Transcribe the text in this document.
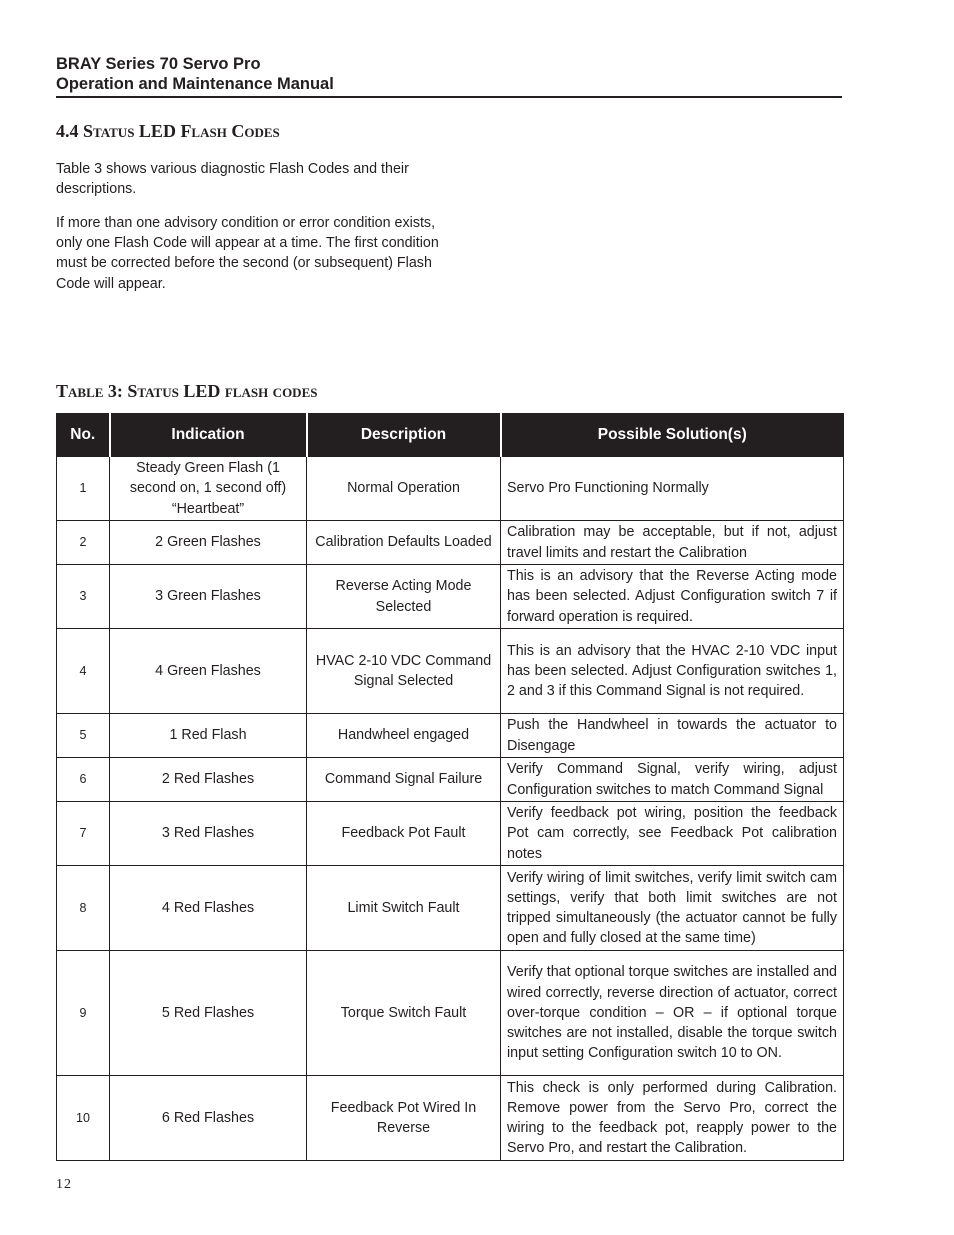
BRAY Series 70 Servo Pro
Operation and Maintenance Manual
4.4 Status LED Flash Codes

Table 3 shows various diagnostic Flash Codes and their descriptions.

If more than one advisory condition or error condition exists, only one Flash Code will appear at a time. The first condition must be corrected before the second (or subsequent) Flash Code will appear.

Table 3: Status LED flash codes
No.	Indication	Description	Possible Solution(s)
1	Steady Green Flash (1 second on, 1 second off) “Heartbeat”	Normal Operation	Servo Pro Functioning Normally
2	2 Green Flashes	Calibration Defaults Loaded	Calibration may be acceptable, but if not, adjust travel limits and restart the Calibration
3	3 Green Flashes	Reverse Acting Mode Selected	This is an advisory that the Reverse Acting mode has been selected. Adjust Configuration switch 7 if forward operation is required.
4	4 Green Flashes	HVAC 2-10 VDC Command Signal Selected	This is an advisory that the HVAC 2-10 VDC input has been selected. Adjust Configuration switches 1, 2 and 3 if this Command Signal is not required.
5	1 Red Flash	Handwheel engaged	Push the Handwheel in towards the actuator to Disengage
6	2 Red Flashes	Command Signal Failure	Verify Command Signal, verify wiring, adjust Configuration switches to match Command Signal
7	3 Red Flashes	Feedback Pot Fault	Verify feedback pot wiring, position the feedback Pot cam correctly, see Feedback Pot calibration notes
8	4 Red Flashes	Limit Switch Fault	Verify wiring of limit switches, verify limit switch cam settings, verify that both limit switches are not tripped simultaneously (the actuator cannot be fully open and fully closed at the same time)
9	5 Red Flashes	Torque Switch Fault	Verify that optional torque switches are installed and wired correctly, reverse direction of actuator, correct over-torque condition – OR – if optional torque switches are not installed, disable the torque switch input setting Configuration switch 10 to ON.
10	6 Red Flashes	Feedback Pot Wired In Reverse	This check is only performed during Calibration. Remove power from the Servo Pro, correct the wiring to the feedback pot, reapply power to the Servo Pro, and restart the Calibration.
12
